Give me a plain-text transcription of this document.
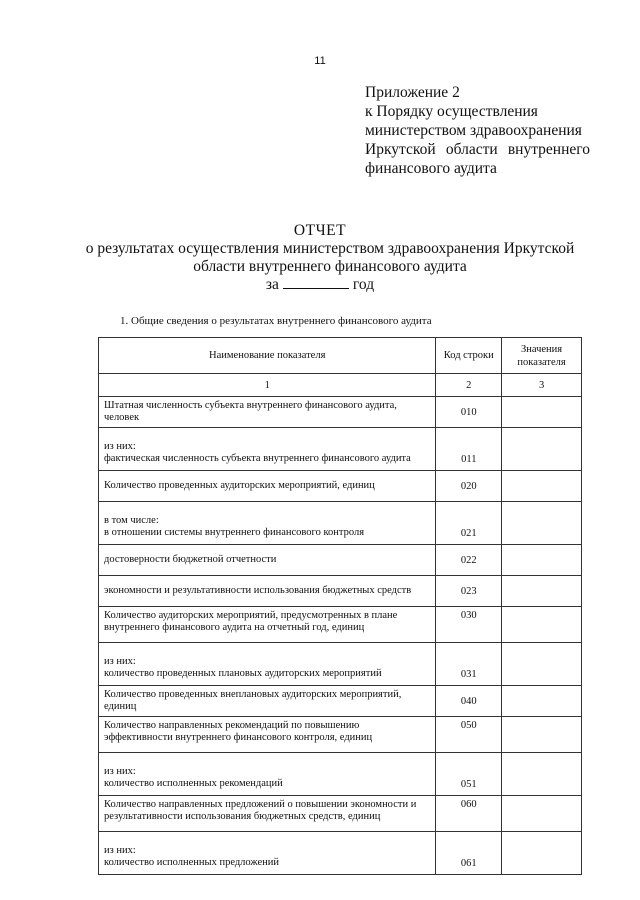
11
Приложение 2
к Порядку осуществления
министерством здравоохранения
Иркутской области внутреннего
финансового аудита
ОТЧЕТ
о результатах осуществления министерством здравоохранения Иркутской области внутреннего финансового аудита
за	год
1. Общие сведения о результатах внутреннего финансового аудита
Наименование показателя	Код строки	Значения показателя
1	2	3

Штатная численность субъекта внутреннего финансового аудита, человек	010	

из них:
фактическая численность субъекта внутреннего финансового аудита	011	

Количество проведенных аудиторских мероприятий, единиц	020	

в том числе:
в отношении системы внутреннего финансового контроля	021	

достоверности бюджетной отчетности	022	

экономности и результативности использования бюджетных средств	023	

Количество аудиторских мероприятий, предусмотренных в плане внутреннего финансового аудита на отчетный год, единиц	030	

из них:
количество проведенных плановых аудиторских мероприятий	031	

Количество проведенных внеплановых аудиторских мероприятий, единиц	040	

Количество направленных рекомендаций по повышению эффективности внутреннего финансового контроля, единиц	050	

из них:
количество исполненных рекомендаций	051	

Количество направленных предложений о повышении экономности и результативности использования бюджетных средств, единиц	060	

из них:
количество исполненных предложений	061	
